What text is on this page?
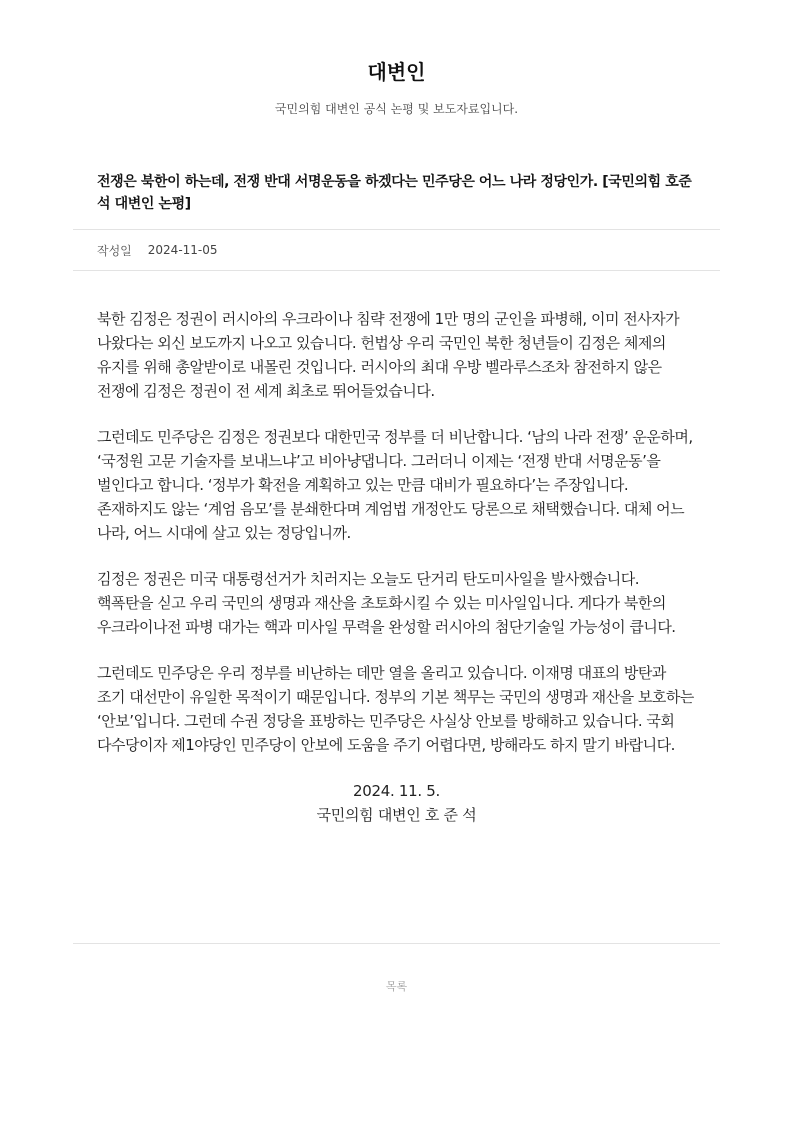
대변인
국민의힘 대변인 공식 논평 및 보도자료입니다.
전쟁은 북한이 하는데, 전쟁 반대 서명운동을 하겠다는 민주당은 어느 나라 정당인가. [국민의힘 호준석 대변인 논평]
작성일 2024-11-05

북한 김정은 정권이 러시아의 우크라이나 침략 전쟁에 1만 명의 군인을 파병해, 이미 전사자가 나왔다는 외신 보도까지 나오고 있습니다. 헌법상 우리 국민인 북한 청년들이 김정은 체제의 유지를 위해 총알받이로 내몰린 것입니다. 러시아의 최대 우방 벨라루스조차 참전하지 않은 전쟁에 김정은 정권이 전 세계 최초로 뛰어들었습니다.

그런데도 민주당은 김정은 정권보다 대한민국 정부를 더 비난합니다. ‘남의 나라 전쟁’ 운운하며, ‘국정원 고문 기술자를 보내느냐’고 비아냥댑니다. 그러더니 이제는 ‘전쟁 반대 서명운동’을 벌인다고 합니다. ‘정부가 확전을 계획하고 있는 만큼 대비가 필요하다’는 주장입니다. 존재하지도 않는 ‘계엄 음모’를 분쇄한다며 계엄법 개정안도 당론으로 채택했습니다. 대체 어느 나라, 어느 시대에 살고 있는 정당입니까.

김정은 정권은 미국 대통령선거가 치러지는 오늘도 단거리 탄도미사일을 발사했습니다. 핵폭탄을 싣고 우리 국민의 생명과 재산을 초토화시킬 수 있는 미사일입니다. 게다가 북한의 우크라이나전 파병 대가는 핵과 미사일 무력을 완성할 러시아의 첨단기술일 가능성이 큽니다.

그런데도 민주당은 우리 정부를 비난하는 데만 열을 올리고 있습니다. 이재명 대표의 방탄과 조기 대선만이 유일한 목적이기 때문입니다. 정부의 기본 책무는 국민의 생명과 재산을 보호하는 ‘안보’입니다. 그런데 수권 정당을 표방하는 민주당은 사실상 안보를 방해하고 있습니다. 국회 다수당이자 제1야당인 민주당이 안보에 도움을 주기 어렵다면, 방해라도 하지 말기 바랍니다.

2024. 11. 5.
국민의힘 대변인 호 준 석
목록
